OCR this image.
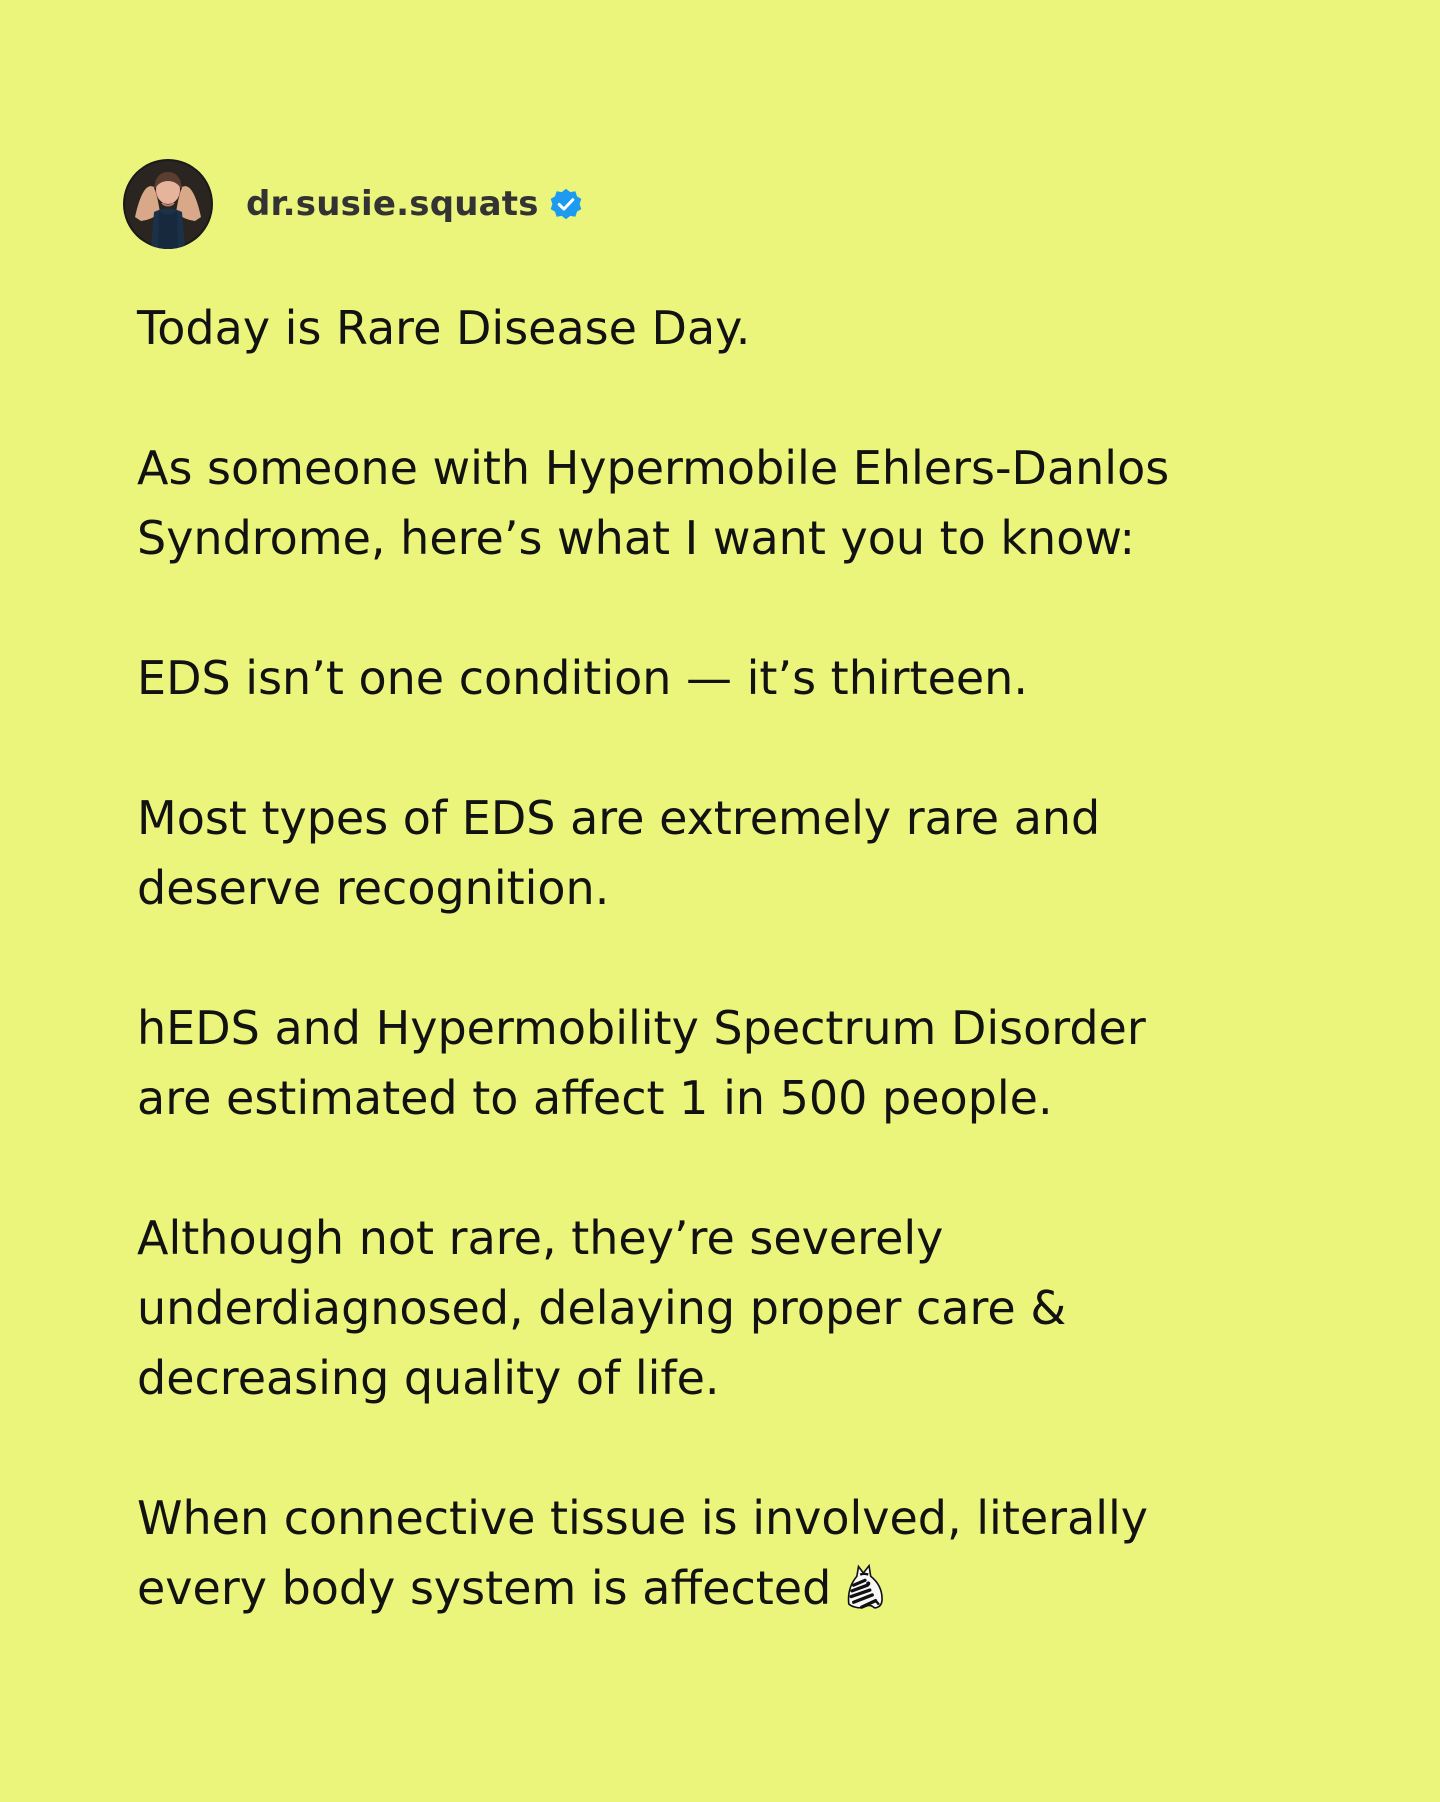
dr.susie.squats

Today is Rare Disease Day.

As someone with Hypermobile Ehlers-Danlos
Syndrome, here’s what I want you to know:

EDS isn’t one condition — it’s thirteen.

Most types of EDS are extremely rare and
deserve recognition.

hEDS and Hypermobility Spectrum Disorder
are estimated to affect 1 in 500 people.

Although not rare, they’re severely
underdiagnosed, delaying proper care &
decreasing quality of life.

When connective tissue is involved, literally
every body system is affected
